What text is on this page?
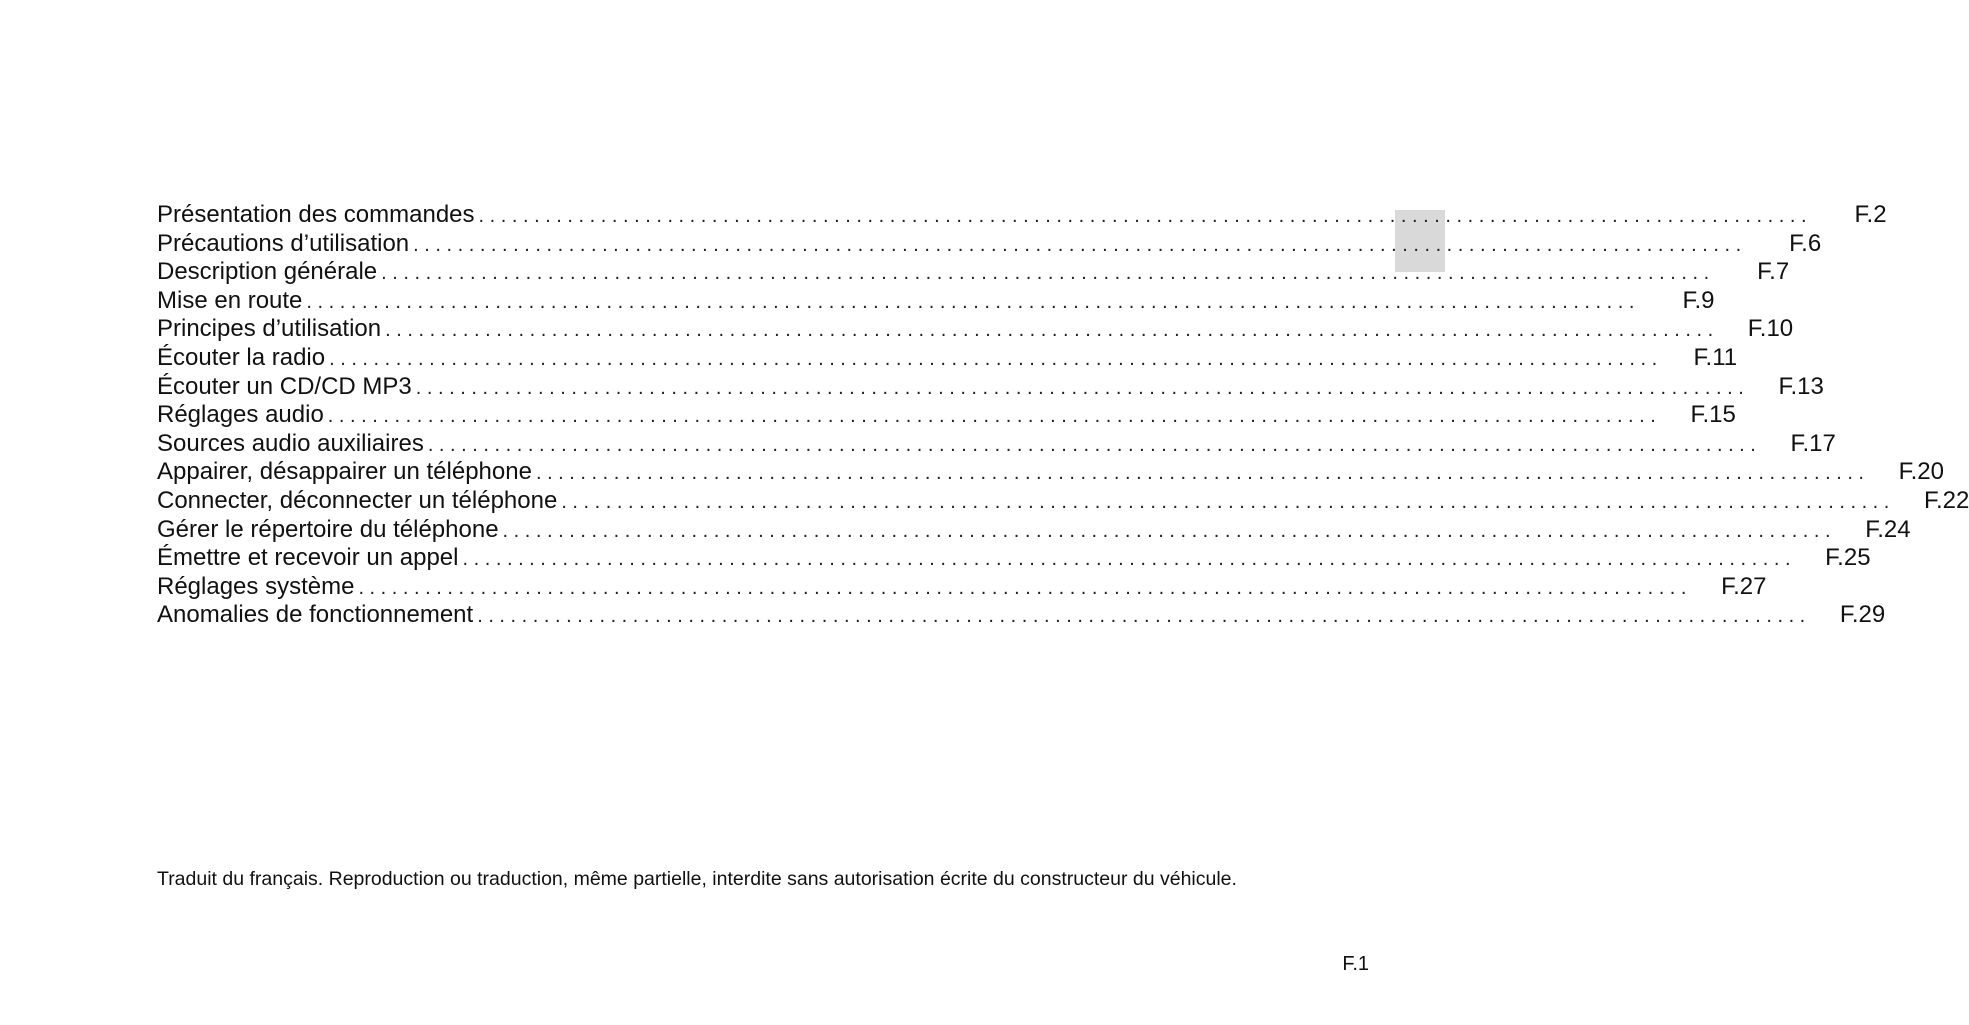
Présentation des commandes . . . . . . . . . . . . . . . . . . . . . . . . . . . . . . . . . . . . . . . . . . . . . . . . . . . . . . . . . . . . . . . . . . . . . . . . . . . . . . . . . . . . . . . . . . . . . . . . . . . . . . . . . . . . . . . . . . . . . . . .	F.2
Précautions d’utilisation . . . . . . . . . . . . . . . . . . . . . . . . . . . . . . . . . . . . . . . . . . . . . . . . . . . . . . . . . . . . . . . . . . . . . . . . . . . . . . . . . . . . . . . . . . . . . . . . . . . . . . . . . . . . . . . . . . . . . . . .	F.6
Description générale . . . . . . . . . . . . . . . . . . . . . . . . . . . . . . . . . . . . . . . . . . . . . . . . . . . . . . . . . . . . . . . . . . . . . . . . . . . . . . . . . . . . . . . . . . . . . . . . . . . . . . . . . . . . . . . . . . . . . . . .	F.7
Mise en route . . . . . . . . . . . . . . . . . . . . . . . . . . . . . . . . . . . . . . . . . . . . . . . . . . . . . . . . . . . . . . . . . . . . . . . . . . . . . . . . . . . . . . . . . . . . . . . . . . . . . . . . . . . . . . . . . . . . . . . .	F.9
Principes d’utilisation . . . . . . . . . . . . . . . . . . . . . . . . . . . . . . . . . . . . . . . . . . . . . . . . . . . . . . . . . . . . . . . . . . . . . . . . . . . . . . . . . . . . . . . . . . . . . . . . . . . . . . . . . . . . . . . . . . . . . . . .	F.10
Écouter la radio . . . . . . . . . . . . . . . . . . . . . . . . . . . . . . . . . . . . . . . . . . . . . . . . . . . . . . . . . . . . . . . . . . . . . . . . . . . . . . . . . . . . . . . . . . . . . . . . . . . . . . . . . . . . . . . . . . . . . . . .	F.11
Écouter un CD/CD MP3 . . . . . . . . . . . . . . . . . . . . . . . . . . . . . . . . . . . . . . . . . . . . . . . . . . . . . . . . . . . . . . . . . . . . . . . . . . . . . . . . . . . . . . . . . . . . . . . . . . . . . . . . . . . . . . . . . . . . . . . .	F.13
Réglages audio . . . . . . . . . . . . . . . . . . . . . . . . . . . . . . . . . . . . . . . . . . . . . . . . . . . . . . . . . . . . . . . . . . . . . . . . . . . . . . . . . . . . . . . . . . . . . . . . . . . . . . . . . . . . . . . . . . . . . . . .	F.15
Sources audio auxiliaires . . . . . . . . . . . . . . . . . . . . . . . . . . . . . . . . . . . . . . . . . . . . . . . . . . . . . . . . . . . . . . . . . . . . . . . . . . . . . . . . . . . . . . . . . . . . . . . . . . . . . . . . . . . . . . . . . . . . . . . .	F.17
Appairer, désappairer un téléphone . . . . . . . . . . . . . . . . . . . . . . . . . . . . . . . . . . . . . . . . . . . . . . . . . . . . . . . . . . . . . . . . . . . . . . . . . . . . . . . . . . . . . . . . . . . . . . . . . . . . . . . . . . . . . . . . . . . . . . . .	F.20
Connecter, déconnecter un téléphone . . . . . . . . . . . . . . . . . . . . . . . . . . . . . . . . . . . . . . . . . . . . . . . . . . . . . . . . . . . . . . . . . . . . . . . . . . . . . . . . . . . . . . . . . . . . . . . . . . . . . . . . . . . . . . . . . . . . . . . .	F.22
Gérer le répertoire du téléphone . . . . . . . . . . . . . . . . . . . . . . . . . . . . . . . . . . . . . . . . . . . . . . . . . . . . . . . . . . . . . . . . . . . . . . . . . . . . . . . . . . . . . . . . . . . . . . . . . . . . . . . . . . . . . . . . . . . . . . . .	F.24
Émettre et recevoir un appel . . . . . . . . . . . . . . . . . . . . . . . . . . . . . . . . . . . . . . . . . . . . . . . . . . . . . . . . . . . . . . . . . . . . . . . . . . . . . . . . . . . . . . . . . . . . . . . . . . . . . . . . . . . . . . . . . . . . . . . .	F.25
Réglages système . . . . . . . . . . . . . . . . . . . . . . . . . . . . . . . . . . . . . . . . . . . . . . . . . . . . . . . . . . . . . . . . . . . . . . . . . . . . . . . . . . . . . . . . . . . . . . . . . . . . . . . . . . . . . . . . . . . . . . . .	F.27
Anomalies de fonctionnement . . . . . . . . . . . . . . . . . . . . . . . . . . . . . . . . . . . . . . . . . . . . . . . . . . . . . . . . . . . . . . . . . . . . . . . . . . . . . . . . . . . . . . . . . . . . . . . . . . . . . . . . . . . . . . . . . . . . . . . .	F.29
Traduit du français. Reproduction ou traduction, même partielle, interdite sans autorisation écrite du constructeur du véhicule.
F.1
